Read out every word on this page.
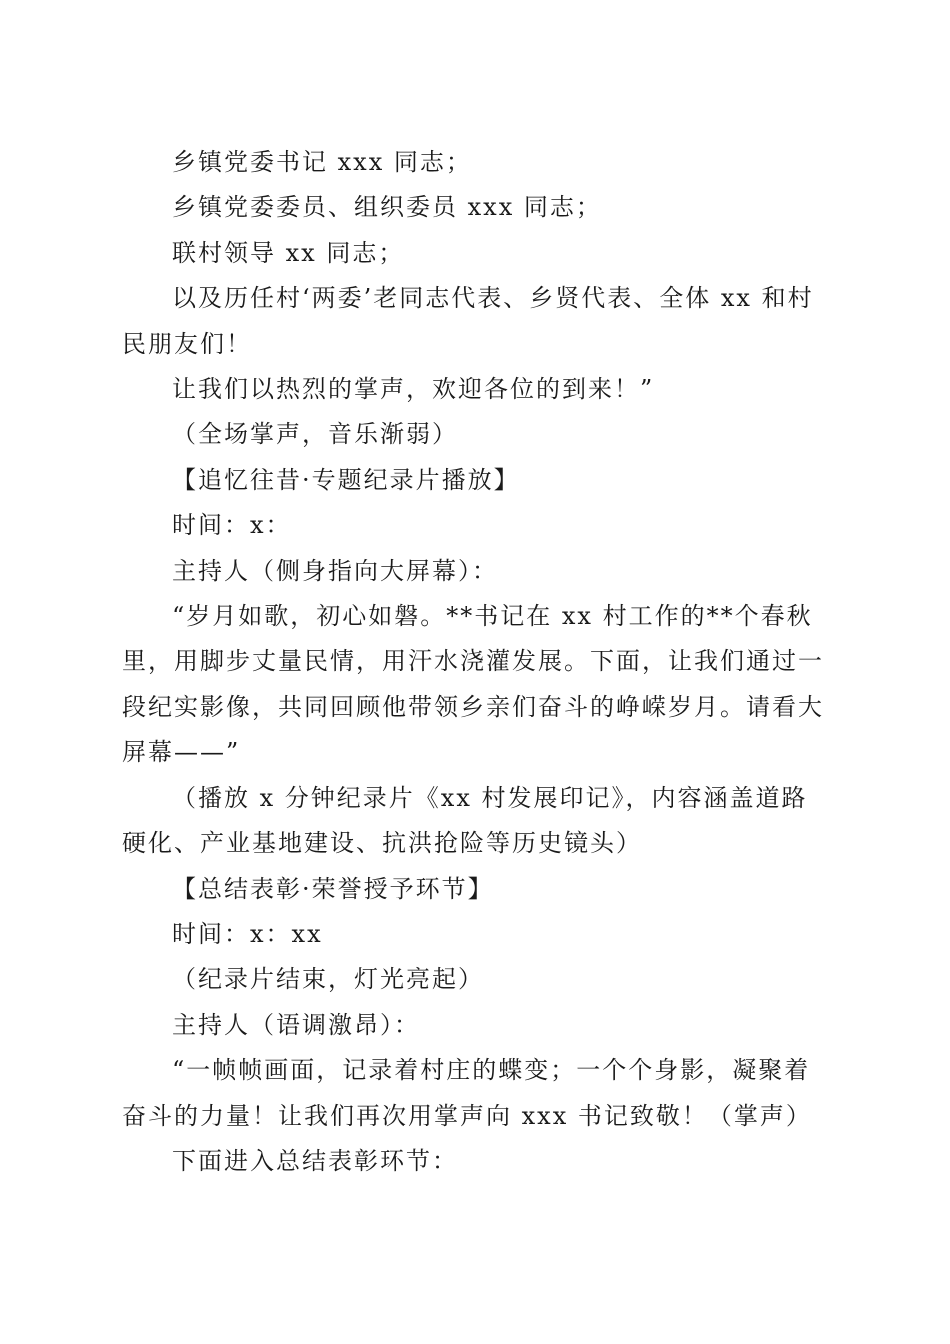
乡镇党委书记 xxx 同志；

乡镇党委委员、组织委员 xxx 同志；

联村领导 xx 同志；

以及历任村‘两委’老同志代表、乡贤代表、全体 xx 和村民朋友们！

让我们以热烈的掌声，欢迎各位的到来！”

（全场掌声，音乐渐弱）

【追忆往昔·专题纪录片播放】

时间：x：

主持人（侧身指向大屏幕）：

“岁月如歌，初心如磐。**书记在 xx 村工作的**个春秋里，用脚步丈量民情，用汗水浇灌发展。下面，让我们通过一段纪实影像，共同回顾他带领乡亲们奋斗的峥嵘岁月。请看大屏幕——”

（播放 x 分钟纪录片《xx 村发展印记》，内容涵盖道路硬化、产业基地建设、抗洪抢险等历史镜头）

【总结表彰·荣誉授予环节】

时间：x：xx

（纪录片结束，灯光亮起）

主持人（语调激昂）：

“一帧帧画面，记录着村庄的蝶变；一个个身影，凝聚着奋斗的力量！让我们再次用掌声向 xxx 书记致敬！（掌声）

下面进入总结表彰环节：
